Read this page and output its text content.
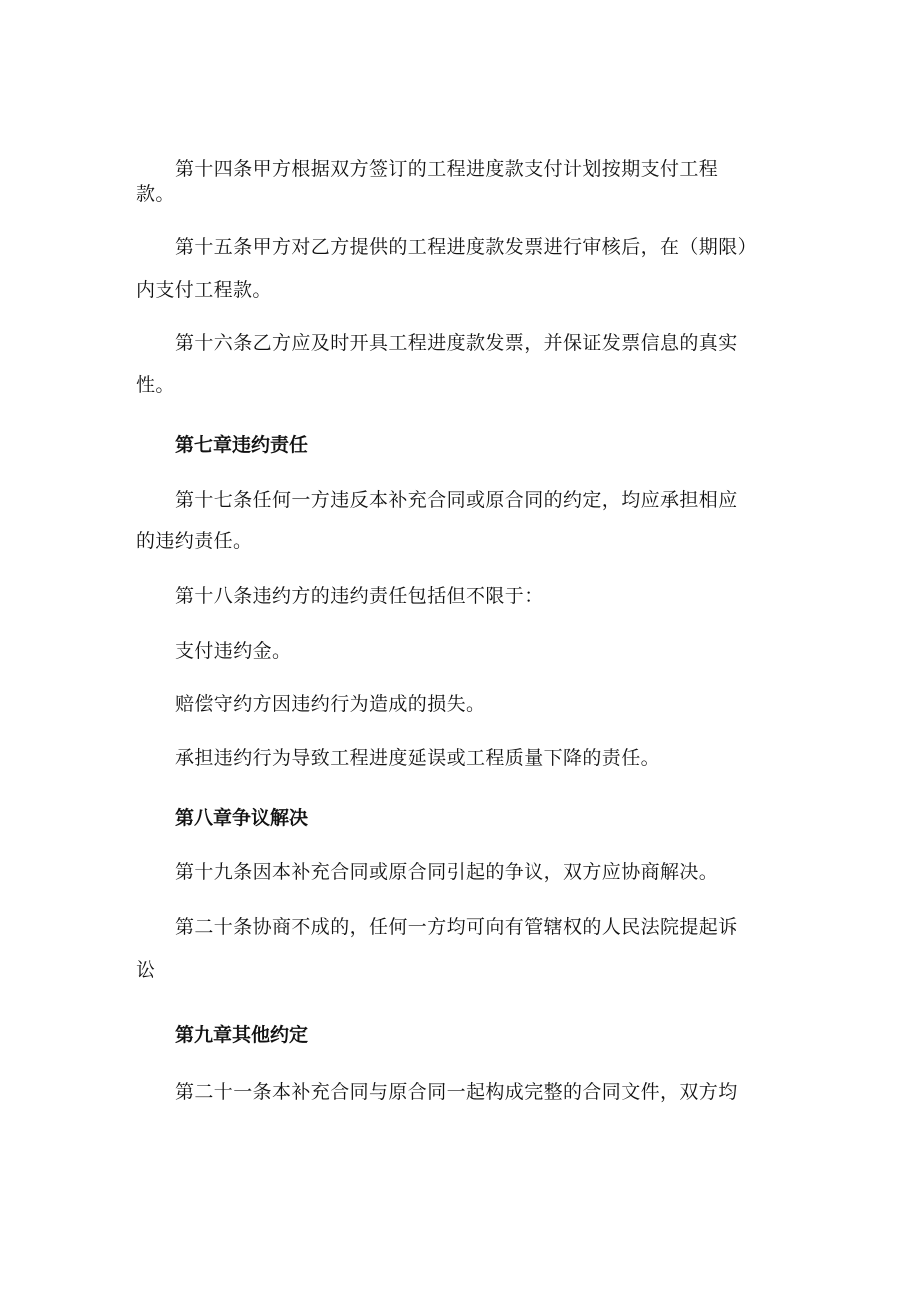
第十四条甲方根据双方签订的工程进度款支付计划按期支付工程
款。
第十五条甲方对乙方提供的工程进度款发票进行审核后，在（期限）
内支付工程款。
第十六条乙方应及时开具工程进度款发票，并保证发票信息的真实
性。
第七章违约责任
第十七条任何一方违反本补充合同或原合同的约定，均应承担相应
的违约责任。
第十八条违约方的违约责任包括但不限于：
支付违约金。
赔偿守约方因违约行为造成的损失。
承担违约行为导致工程进度延误或工程质量下降的责任。
第八章争议解决
第十九条因本补充合同或原合同引起的争议，双方应协商解决。
第二十条协商不成的，任何一方均可向有管辖权的人民法院提起诉
讼
第九章其他约定
第二十一条本补充合同与原合同一起构成完整的合同文件，双方均
